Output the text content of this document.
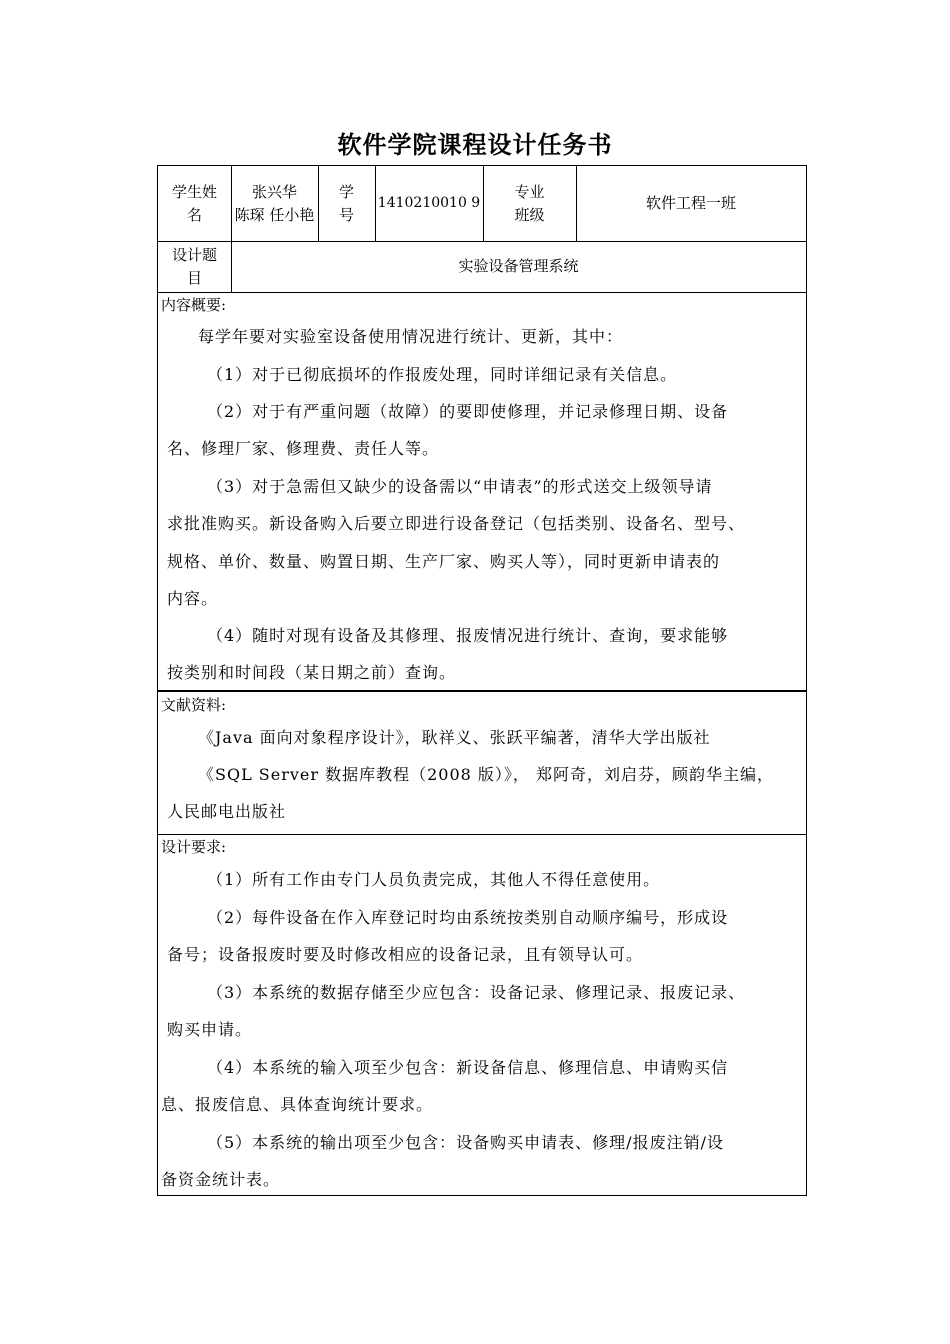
软件学院课程设计任务书
学生姓名
张兴华
陈琛 任小艳
学号
1410210010 9
专业班级
软件工程一班
设计题目
实验设备管理系统
内容概要:
每学年要对实验室设备使用情况进行统计、更新，其中：
（1）对于已彻底损坏的作报废处理，同时详细记录有关信息。
（2）对于有严重问题（故障）的要即使修理，并记录修理日期、设备
名、修理厂家、修理费、责任人等。
（3）对于急需但又缺少的设备需以“申请表”的形式送交上级领导请
求批准购买。新设备购入后要立即进行设备登记（包括类别、设备名、型号、
规格、单价、数量、购置日期、生产厂家、购买人等），同时更新申请表的
内容。
（4）随时对现有设备及其修理、报废情况进行统计、查询，要求能够
按类别和时间段（某日期之前）查询。
文献资料:
《Java 面向对象程序设计》，耿祥义、张跃平编著，清华大学出版社
《SQL Server 数据库教程（2008 版）》， 郑阿奇，刘启芬，顾韵华主编，
人民邮电出版社
设计要求:
（1）所有工作由专门人员负责完成，其他人不得任意使用。
（2）每件设备在作入库登记时均由系统按类别自动顺序编号，形成设
备号；设备报废时要及时修改相应的设备记录，且有领导认可。
（3）本系统的数据存储至少应包含：设备记录、修理记录、报废记录、
购买申请。
（4）本系统的输入项至少包含：新设备信息、修理信息、申请购买信
息、报废信息、具体查询统计要求。
（5）本系统的输出项至少包含：设备购买申请表、修理/报废注销/设
备资金统计表。
